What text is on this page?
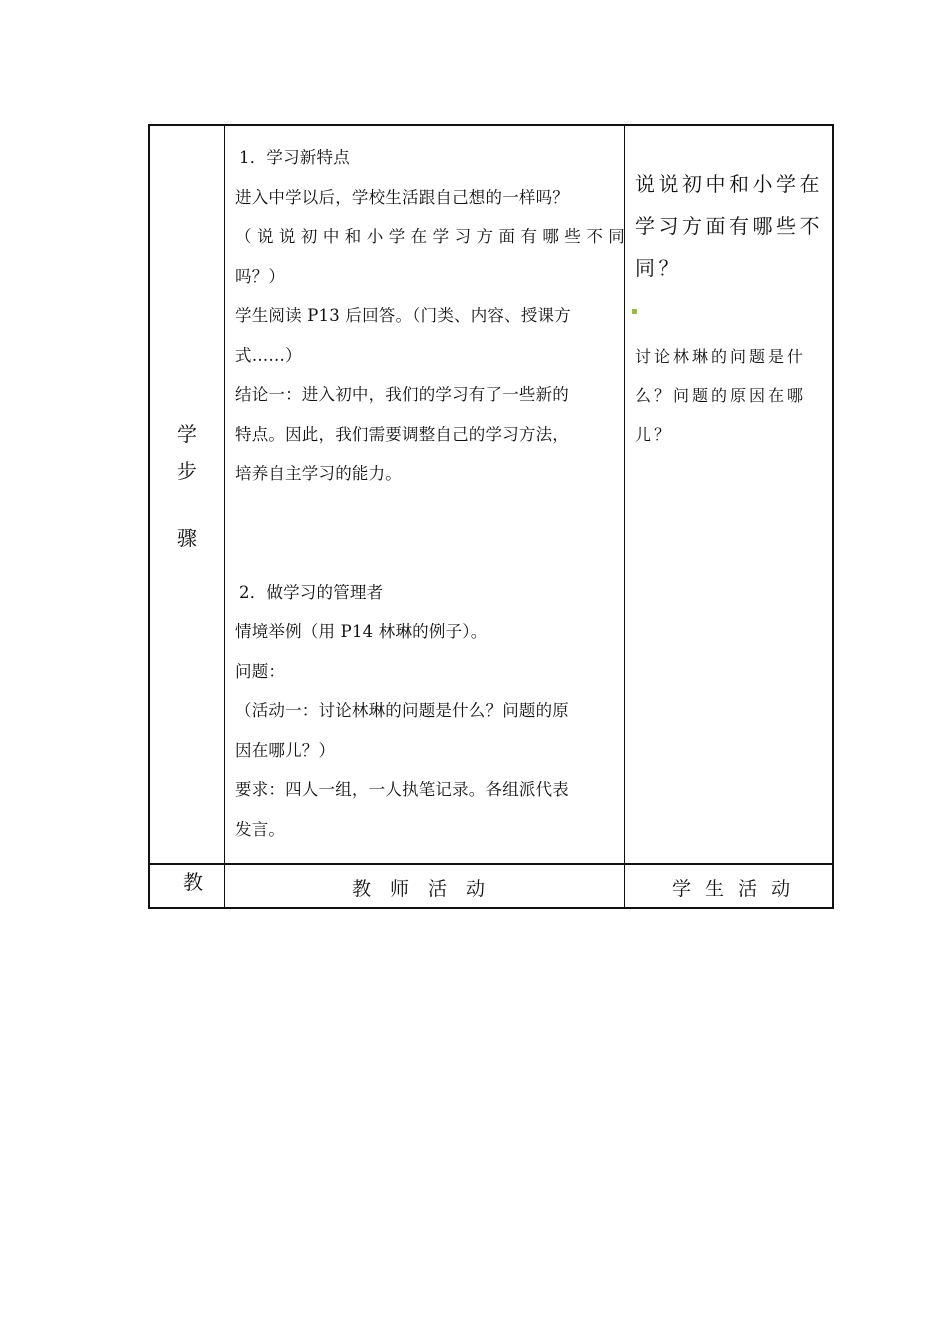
学
步
骤
1．学习新特点
进入中学以后，学校生活跟自己想的一样吗？
（说说初中和小学在学习方面有哪些不同
吗？）
学生阅读 P13 后回答。（门类、内容、授课方
式……）
结论一：进入初中，我们的学习有了一些新的
特点。因此，我们需要调整自己的学习方法，
培养自主学习的能力。
2．做学习的管理者
情境举例（用 P14 林琳的例子）。
问题：
（活动一：讨论林琳的问题是什么？问题的原
因在哪儿？）
要求：四人一组，一人执笔记录。各组派代表
发言。
说说初中和小学在
学习方面有哪些不
同？
▪
讨论林琳的问题是什
么？问题的原因在哪
儿？
教	教　师　活　动	学 生 活 动
